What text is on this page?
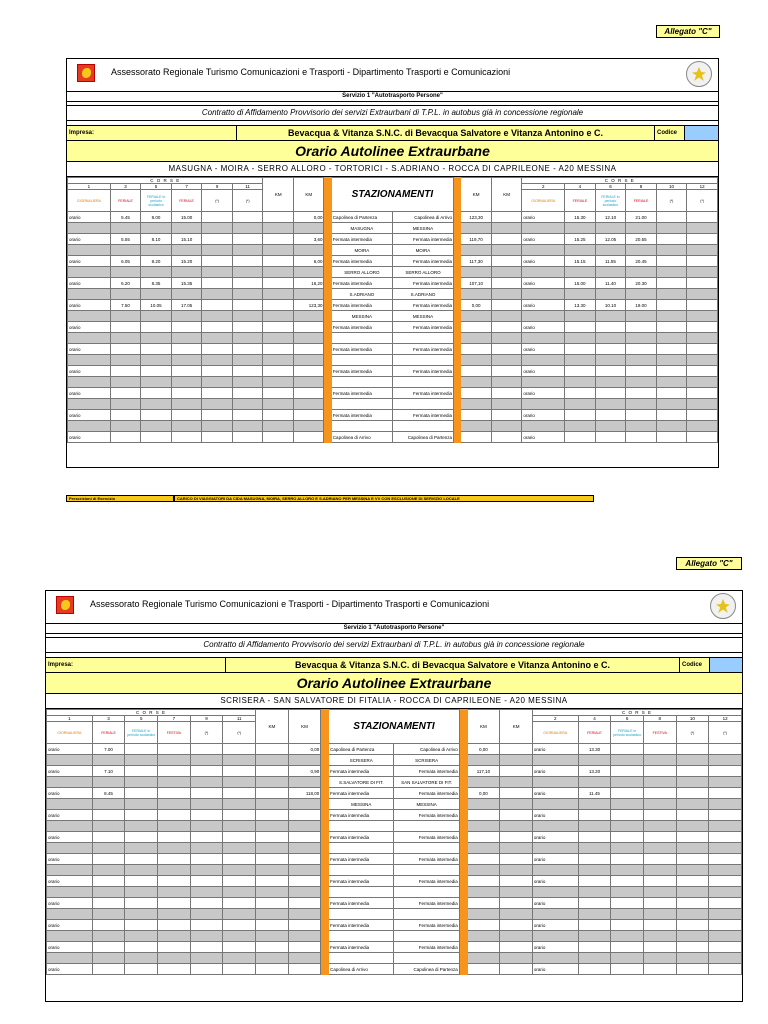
Allegato "C"
Assessorato Regionale Turismo Comunicazioni e Trasporti - Dipartimento Trasporti e Comunicazioni
Servizio 1 "Autotrasporto Persone"
Contratto di Affidamento Provvisorio dei servizi Extraurbani di T.P.L. in autobus già in concessione regionale
Impresa:	Bevacqua & Vitanza S.N.C. di Bevacqua Salvatore e Vitanza Antonino e C.	Codice
Orario Autolinee Extraurbane
MASUGNA - MOIRA - SERRO ALLORO - TORTORICI - S.ADRIANO - ROCCA DI CAPRILEONE - A20 MESSINA
C O R S E						KM	KM		STAZIONAMENTI			KM	KM	C O R S E					
1	3	5	7	9	11									2	4	6	8	10	12
GIORNALIERA	FERIALE	FERIALE in periodo scolastico	FERIALE	(*)	(*)									GIORNALIERA	FERIALE	FERIALE in periodo scolastico	FERIALE	(*)	(*)
orario	5.45	8.00	15.00				0,00		Capolinea di Partenza	Capolinea di Arrivo		123,30		orario	15.30	12.10	21.00		
									MASUGNA	MESSINA									
orario	5.55	8.10	15.10				3,60		Fermata intermedia	Fermata intermedia		119,70		orario	15.25	12.05	20.55		
									MOIRA	MOIRA									
orario	6.05	8.20	15.20				6,00		Fermata intermedia	Fermata intermedia		117,30		orario	15.15	11.55	20.45		
									SERRO ALLORO	SERRO ALLORO									
orario	6.20	8.35	15.35				16,20		Fermata intermedia	Fermata intermedia		107,10		orario	15.00	11.40	20.30		
									S.ADRIANO	S.ADRIANO									
orario	7.50	10.05	17.05				123,30		Fermata intermedia	Fermata intermedia		0,00		orario	13.30	10.10	19.00		
									MESSINA	MESSINA									
orario									Fermata intermedia	Fermata intermedia				orario					

orario									Fermata intermedia	Fermata intermedia				orario					

orario									Fermata intermedia	Fermata intermedia				orario					

orario									Fermata intermedia	Fermata intermedia				orario					

orario									Fermata intermedia	Fermata intermedia				orario					

orario									Capolinea di Arrivo	Capolinea di Partenza				orario					
Prescrizioni di Esercizio	CARICO DI VIAGGIATORI DA CIDA MASUGNA, MOIRA, SERRO ALLORO E S.ADRIANO PER MESSINA E VV CON ESCLUSIONE DI SERVIZIO LOCALE
Allegato "C"
Assessorato Regionale Turismo Comunicazioni e Trasporti - Dipartimento Trasporti e Comunicazioni
Servizio 1 "Autotrasporto Persone"
Contratto di Affidamento Provvisorio dei servizi Extraurbani di T.P.L. in autobus già in concessione regionale
Impresa:	Bevacqua & Vitanza S.N.C. di Bevacqua Salvatore e Vitanza Antonino e C.	Codice
Orario Autolinee Extraurbane
SCRISERA - SAN SALVATORE DI FITALIA - ROCCA DI CAPRILEONE - A20 MESSINA
C O R S E						KM	KM		STAZIONAMENTI			KM	KM	C O R S E					
1	3	5	7	9	11									2	4	6	8	10	12
GIORNALIERA	FERIALE	FERIALE in periodo scolastico	FESTIVA	(*)	(*)									GIORNALIERA	FERIALE	FERIALE in periodo scolastico	FESTIVA	(*)	(*)
orario	7.00						0,00		Capolinea di Partenza	Capolinea di Arrivo		0,00		orario	13.30				
									SCRISERA	SCRISERA									
orario	7.10						0,90		Fermata intermedia	Fermata intermedia		117,10		orario	13.20				
									S.SALVATORE DI FIT.	SAN SALVATORE DI FIT.									
orario	8.45						118,00		Fermata intermedia	Fermata intermedia		0,00		orario	11.45				
									MESSINA	MESSINA									
orario									Fermata intermedia	Fermata intermedia				orario					

orario									Fermata intermedia	Fermata intermedia				orario					

orario									Fermata intermedia	Fermata intermedia				orario					

orario									Fermata intermedia	Fermata intermedia				orario					

orario									Fermata intermedia	Fermata intermedia				orario					

orario									Fermata intermedia	Fermata intermedia				orario					

orario									Fermata intermedia	Fermata intermedia				orario					

orario									Capolinea di Arrivo	Capolinea di Partenza				orario					
